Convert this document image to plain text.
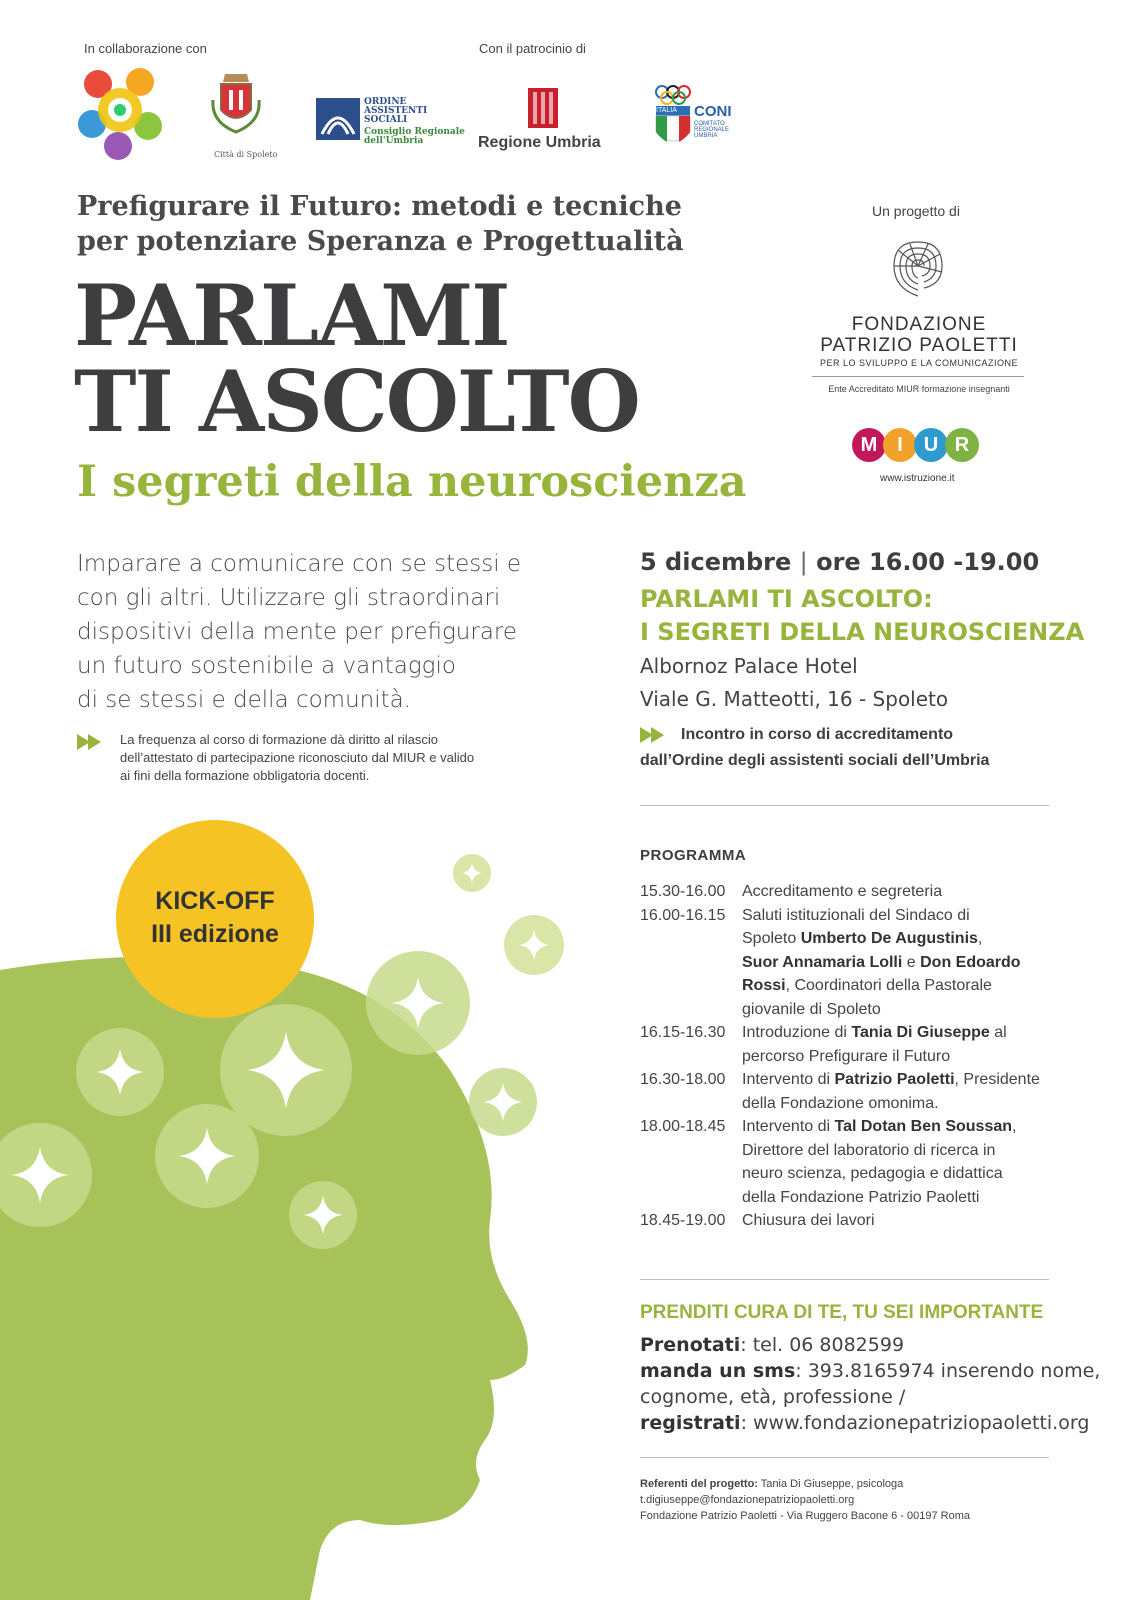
In collaborazione con	Con il patrocinio di
Città di Spoleto
ORDINE
ASSISTENTI
SOCIALI
Consiglio Regionale
dell'Umbria	Regione Umbria
ITALIA CONI
COMITATO
REGIONALE
UMBRIA
Prefigurare il Futuro: metodi e tecniche
per potenziare Speranza e Progettualità
PARLAMI
TI ASCOLTO
I segreti della neuroscienza
Un progetto di
FONDAZIONE
PATRIZIO PAOLETTI
PER LO SVILUPPO E LA COMUNICAZIONE
Ente Accreditato MIUR formazione insegnanti
M I	U R
www.istruzione.it
Imparare a comunicare con se stessi e
con gli altri. Utilizzare gli straordinari
dispositivi della mente per prefigurare
un futuro sostenibile a vantaggio
di se stessi e della comunità.
La frequenza al corso di formazione dà diritto al rilascio
dell’attestato di partecipazione riconosciuto dal MIUR e valido
ai fini della formazione obbligatoria docenti.
5 dicembre | ore 16.00 -19.00
PARLAMI TI ASCOLTO:
I SEGRETI DELLA NEUROSCIENZA
Albornoz Palace Hotel
Viale G. Matteotti, 16 - Spoleto
Incontro in corso di accreditamento
dall’Ordine degli assistenti sociali dell’Umbria
KICK-OFF
III edizione
PROGRAMMA
15.30-16.00	Accreditamento e segreteria
16.00-16.15	Saluti istituzionali del Sindaco di
Spoleto Umberto De Augustinis,
Suor Annamaria Lolli e Don Edoardo
Rossi, Coordinatori della Pastorale
giovanile di Spoleto
16.15-16.30	Introduzione di Tania Di Giuseppe al
percorso Prefigurare il Futuro
16.30-18.00	Intervento di Patrizio Paoletti, Presidente
della Fondazione omonima.
18.00-18.45	Intervento di Tal Dotan Ben Soussan,
Direttore del laboratorio di ricerca in
neuro scienza, pedagogia e didattica
della Fondazione Patrizio Paoletti
18.45-19.00	Chiusura dei lavori
PRENDITI CURA DI TE, TU SEI IMPORTANTE
Prenotati: tel. 06 8082599
manda un sms: 393.8165974 inserendo nome,
cognome, età, professione /
registrati: www.fondazionepatriziopaoletti.org
Referenti del progetto: Tania Di Giuseppe, psicologa
t.digiuseppe@fondazionepatriziopaoletti.org
Fondazione Patrizio Paoletti - Via Ruggero Bacone 6 - 00197 Roma
